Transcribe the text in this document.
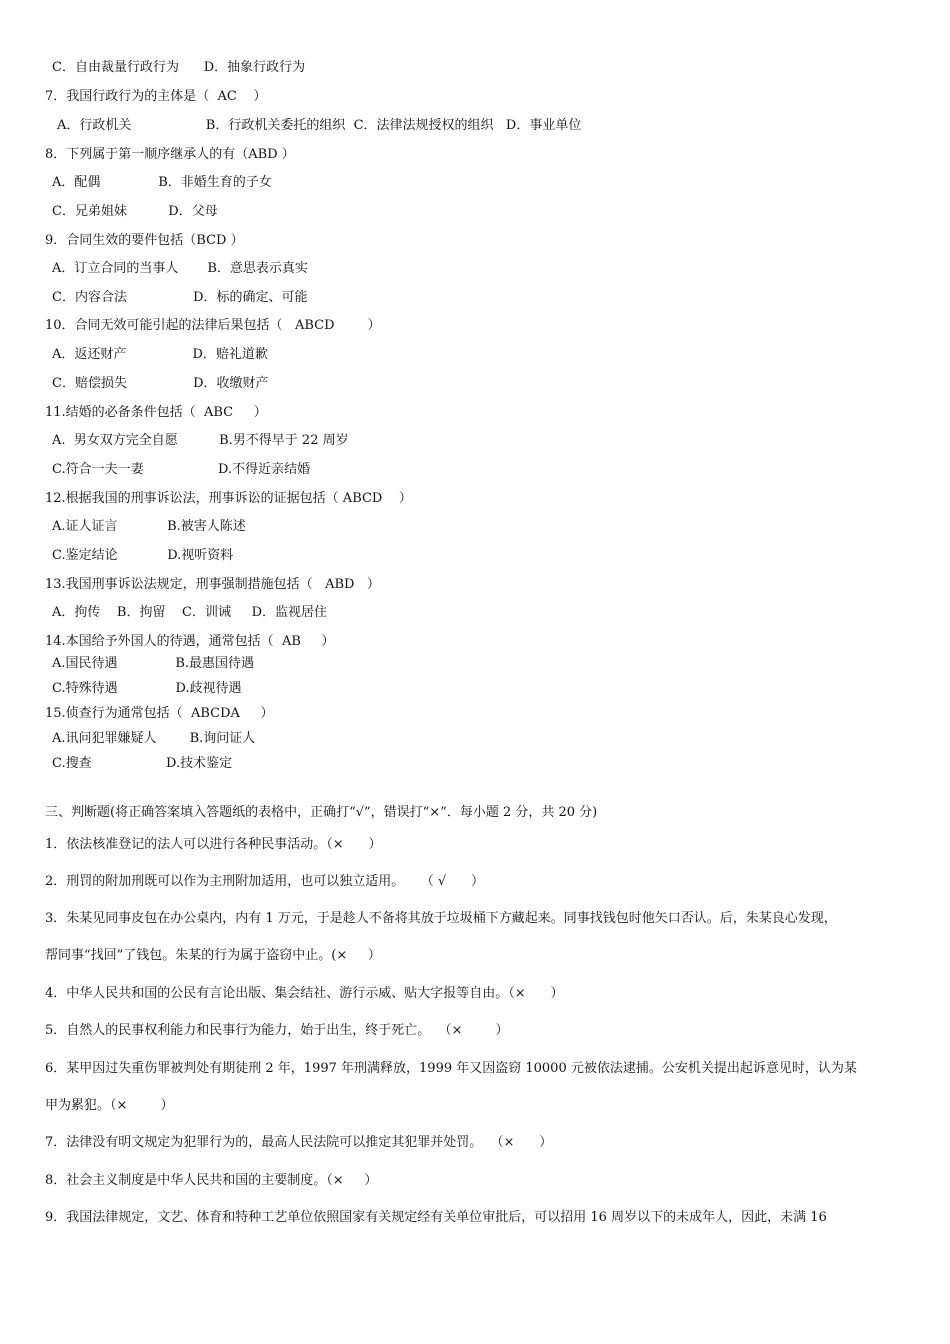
C．自由裁量行政行为      D．抽象行政行为
7．我国行政行为的主体是（  AC    ）
A．行政机关                  B．行政机关委托的组织  C．法律法规授权的组织   D．事业单位
8．下列属于第一顺序继承人的有（ABD ）
A．配偶              B．非婚生育的子女
C．兄弟姐妹          D．父母
9．合同生效的要件包括（BCD ）
A．订立合同的当事人       B．意思表示真实
C．内容合法                D．标的确定、可能
10．合同无效可能引起的法律后果包括（   ABCD        ）
A．返还财产                D．赔礼道歉
C．赔偿损失                D．收缴财产
11.结婚的必备条件包括（  ABC     ）
A.  男女双方完全自愿          B.男不得早于 22 周岁
C.符合一夫一妻                  D.不得近亲结婚
12.根据我国的刑事诉讼法，刑事诉讼的证据包括（ ABCD    ）
A.证人证言            B.被害人陈述
C.鉴定结论            D.视听资料
13.我国刑事诉讼法规定，刑事强制措施包括（   ABD   ）
A．拘传    B．拘留    C．训诫     D．监视居住
14.本国给予外国人的待遇，通常包括（  AB     ）
A.国民待遇              B.最惠国待遇
C.特殊待遇              D.歧视待遇
15.侦查行为通常包括（  ABCDA     ）
A.讯问犯罪嫌疑人        B.询问证人
C.搜查                  D.技术鉴定
三、判断题(将正确答案填入答题纸的表格中，正确打“√”，错误打“×”．每小题 2 分，共 20 分)
1．依法核准登记的法人可以进行各种民事活动。（×      ）
2．刑罚的附加刑既可以作为主刑附加适用，也可以独立适用。    （ √      ）
3．朱某见同事皮包在办公桌内，内有 1 万元，于是趁人不备将其放于垃圾桶下方藏起来。同事找钱包时他矢口否认。后，朱某良心发现，
帮同事“找回”了钱包。朱某的行为属于盗窃中止。(×     ）
4．中华人民共和国的公民有言论出版、集会结社、游行示威、贴大字报等自由。（×      ）
5．自然人的民事权利能力和民事行为能力，始于出生，终于死亡。  （×        ）
6．某甲因过失重伤罪被判处有期徒刑 2 年，1997 年刑满释放，1999 年又因盗窃 10000 元被依法逮捕。公安机关提出起诉意见时，认为某
甲为累犯。（×        ）
7．法律没有明文规定为犯罪行为的，最高人民法院可以推定其犯罪并处罚。  （×      ）
8．社会主义制度是中华人民共和国的主要制度。（×     ）
9．我国法律规定，文艺、体育和特种工艺单位依照国家有关规定经有关单位审批后，可以招用 16 周岁以下的未成年人，因此，未满 16
